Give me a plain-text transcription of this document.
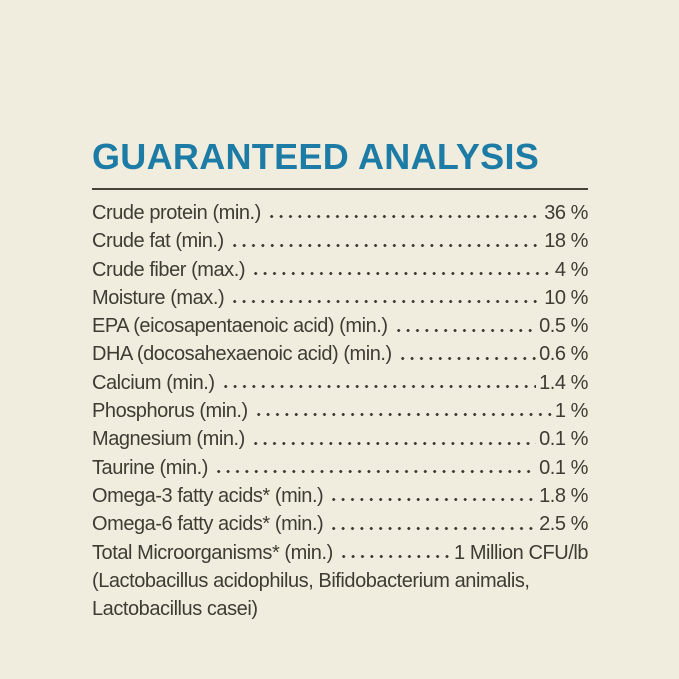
GUARANTEED ANALYSIS
Crude protein (min.)	36 %
Crude fat (min.)	18 %
Crude fiber (max.)	4 %
Moisture (max.)	10 %
EPA (eicosapentaenoic acid) (min.)	0.5 %
DHA (docosahexaenoic acid) (min.)	0.6 %
Calcium (min.)	1.4 %
Phosphorus (min.)	1 %
Magnesium (min.)	0.1 %
Taurine (min.)	0.1 %
Omega-3 fatty acids* (min.)	1.8 %
Omega-6 fatty acids* (min.)	2.5 %
Total Microorganisms* (min.)	1 Million CFU/lb
(Lactobacillus acidophilus, Bifidobacterium animalis,
Lactobacillus casei)
